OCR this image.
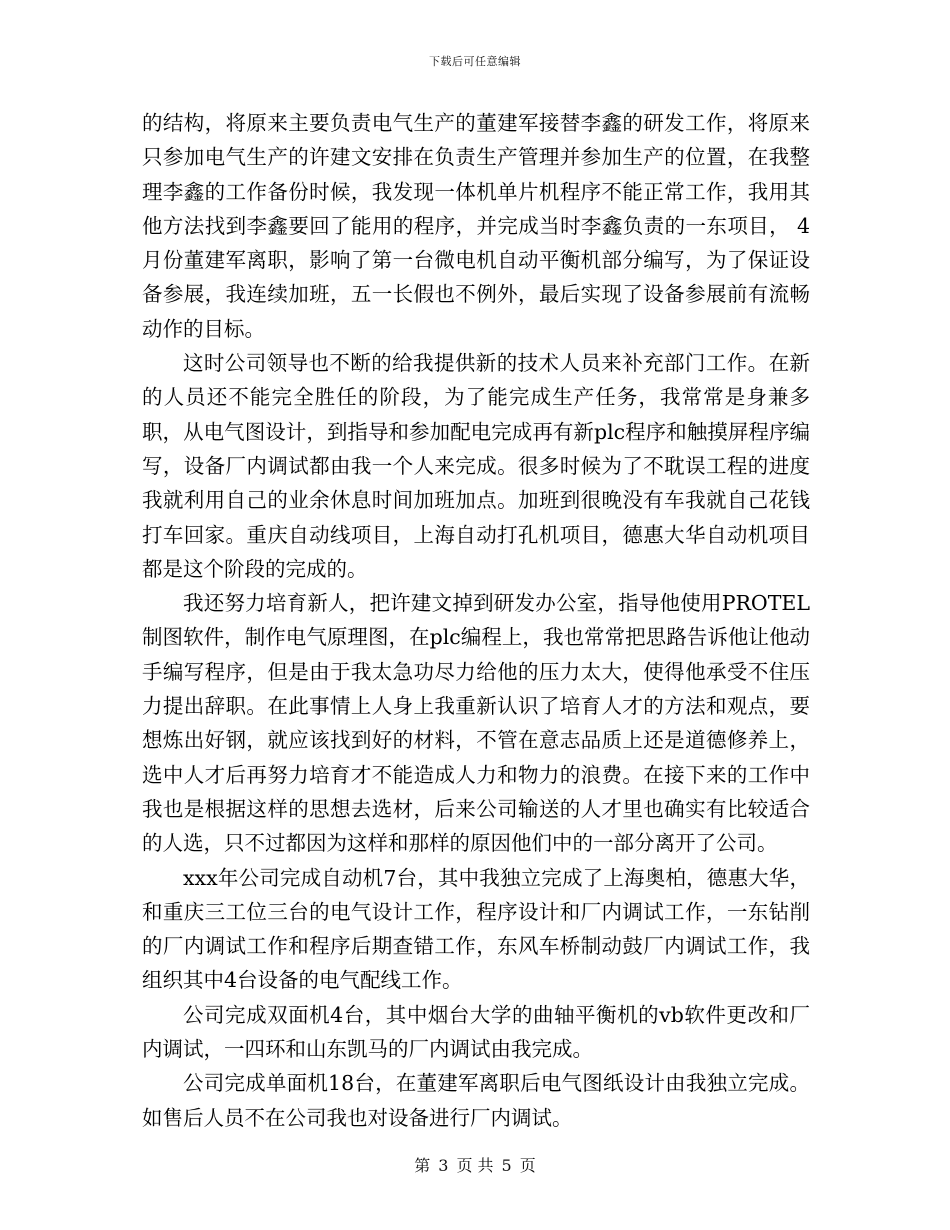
下载后可任意编辑

的结构，将原来主要负责电气生产的董建军接替李鑫的研发工作，将原来只参加电气生产的许建文安排在负责生产管理并参加生产的位置，在我整理李鑫的工作备份时候，我发现一体机单片机程序不能正常工作，我用其他方法找到李鑫要回了能用的程序，并完成当时李鑫负责的一东项目， 4月份董建军离职，影响了第一台微电机自动平衡机部分编写，为了保证设备参展，我连续加班，五一长假也不例外，最后实现了设备参展前有流畅动作的目标。

这时公司领导也不断的给我提供新的技术人员来补充部门工作。在新的人员还不能完全胜任的阶段，为了能完成生产任务，我常常是身兼多职，从电气图设计，到指导和参加配电完成再有新plc程序和触摸屏程序编写，设备厂内调试都由我一个人来完成。很多时候为了不耽误工程的进度我就利用自己的业余休息时间加班加点。加班到很晚没有车我就自己花钱打车回家。重庆自动线项目，上海自动打孔机项目，德惠大华自动机项目都是这个阶段的完成的。

我还努力培育新人，把许建文掉到研发办公室，指导他使用PROTEL制图软件，制作电气原理图，在plc编程上，我也常常把思路告诉他让他动手编写程序，但是由于我太急功尽力给他的压力太大，使得他承受不住压力提出辞职。在此事情上人身上我重新认识了培育人才的方法和观点，要想炼出好钢，就应该找到好的材料，不管在意志品质上还是道德修养上，选中人才后再努力培育才不能造成人力和物力的浪费。在接下来的工作中我也是根据这样的思想去选材，后来公司输送的人才里也确实有比较适合的人选，只不过都因为这样和那样的原因他们中的一部分离开了公司。

xxx年公司完成自动机7台，其中我独立完成了上海奥柏，德惠大华，和重庆三工位三台的电气设计工作，程序设计和厂内调试工作，一东钻削的厂内调试工作和程序后期查错工作，东风车桥制动鼓厂内调试工作，我组织其中4台设备的电气配线工作。

公司完成双面机4台，其中烟台大学的曲轴平衡机的vb软件更改和厂内调试，一四环和山东凯马的厂内调试由我完成。

公司完成单面机18台，在董建军离职后电气图纸设计由我独立完成。如售后人员不在公司我也对设备进行厂内调试。

第 3 页 共 5 页
